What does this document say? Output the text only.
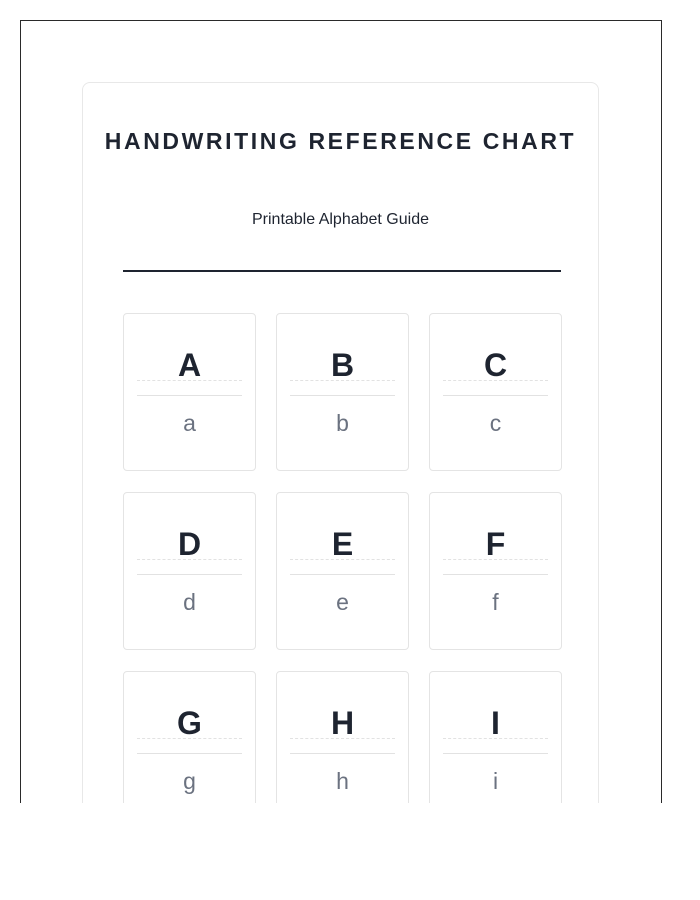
HANDWRITING REFERENCE CHART
Printable Alphabet Guide
A
a
B
b
C
c
D
d
E
e
F
f
G
g
H
h
I
i
